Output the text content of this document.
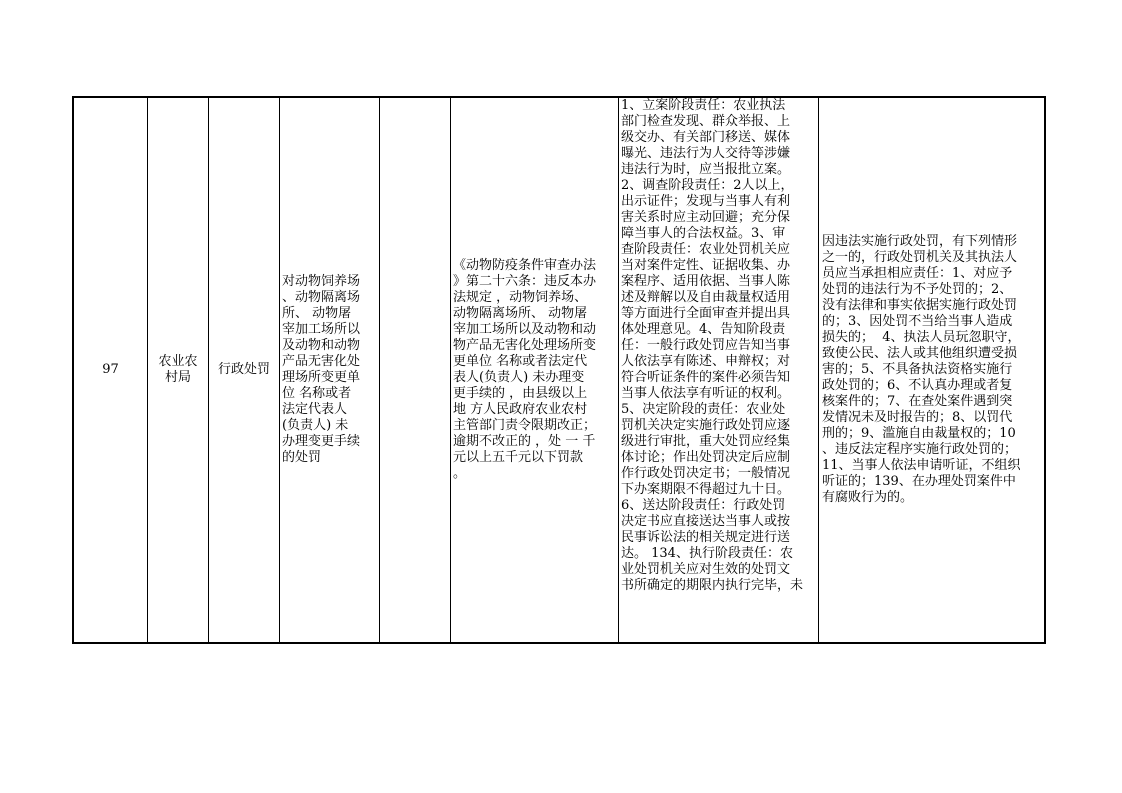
97
农业农
村局
行政处罚
对动物饲养场
、动物隔离场
所、 动物屠
宰加工场所以
及动物和动物
产品无害化处
理场所变更单
位 名称或者
法定代表人
(负责人) 未
办理变更手续
的处罚
《动物防疫条件审查办法
》第二十六条：违反本办
法规定 ，动物饲养场、
动物隔离场所、 动物屠
宰加工场所以及动物和动
物产品无害化处理场所变
更单位 名称或者法定代
表人(负责人) 未办理变
更手续的 ，由县级以上
地 方人民政府农业农村
主管部门责令限期改正；
逾期不改正的 ，处 一 千
元以上五千元以下罚款
。
1、立案阶段责任：农业执法
部门检查发现、群众举报、上
级交办、有关部门移送、媒体
曝光、违法行为人交待等涉嫌
违法行为时，应当报批立案。
2、调查阶段责任：2人以上，
出示证件；发现与当事人有利
害关系时应主动回避；充分保
障当事人的合法权益。3、审
查阶段责任：农业处罚机关应
当对案件定性、证据收集、办
案程序、适用依据、当事人陈
述及辩解以及自由裁量权适用
等方面进行全面审查并提出具
体处理意见。4、告知阶段责
任：一般行政处罚应告知当事
人依法享有陈述、申辩权；对
符合听证条件的案件必须告知
当事人依法享有听证的权利。
5、决定阶段的责任：农业处
罚机关决定实施行政处罚应逐
级进行审批，重大处罚应经集
体讨论；作出处罚决定后应制
作行政处罚决定书；一般情况
下办案期限不得超过九十日。
6、送达阶段责任：行政处罚
决定书应直接送达当事人或按
民事诉讼法的相关规定进行送
达。 134、执行阶段责任：农
业处罚机关应对生效的处罚文
书所确定的期限内执行完毕，未
因违法实施行政处罚，有下列情形
之一的，行政处罚机关及其执法人
员应当承担相应责任：1、对应予
处罚的违法行为不予处罚的；2、
没有法律和事实依据实施行政处罚
的；3、因处罚不当给当事人造成
损失的；  4、执法人员玩忽职守，
致使公民、法人或其他组织遭受损
害的；5、不具备执法资格实施行
政处罚的；6、不认真办理或者复
核案件的；7、在查处案件遇到突
发情况未及时报告的；8、以罚代
刑的；9、滥施自由裁量权的；10
、违反法定程序实施行政处罚的；
11、当事人依法申请听证，不组织
听证的；139、在办理处罚案件中
有腐败行为的。
